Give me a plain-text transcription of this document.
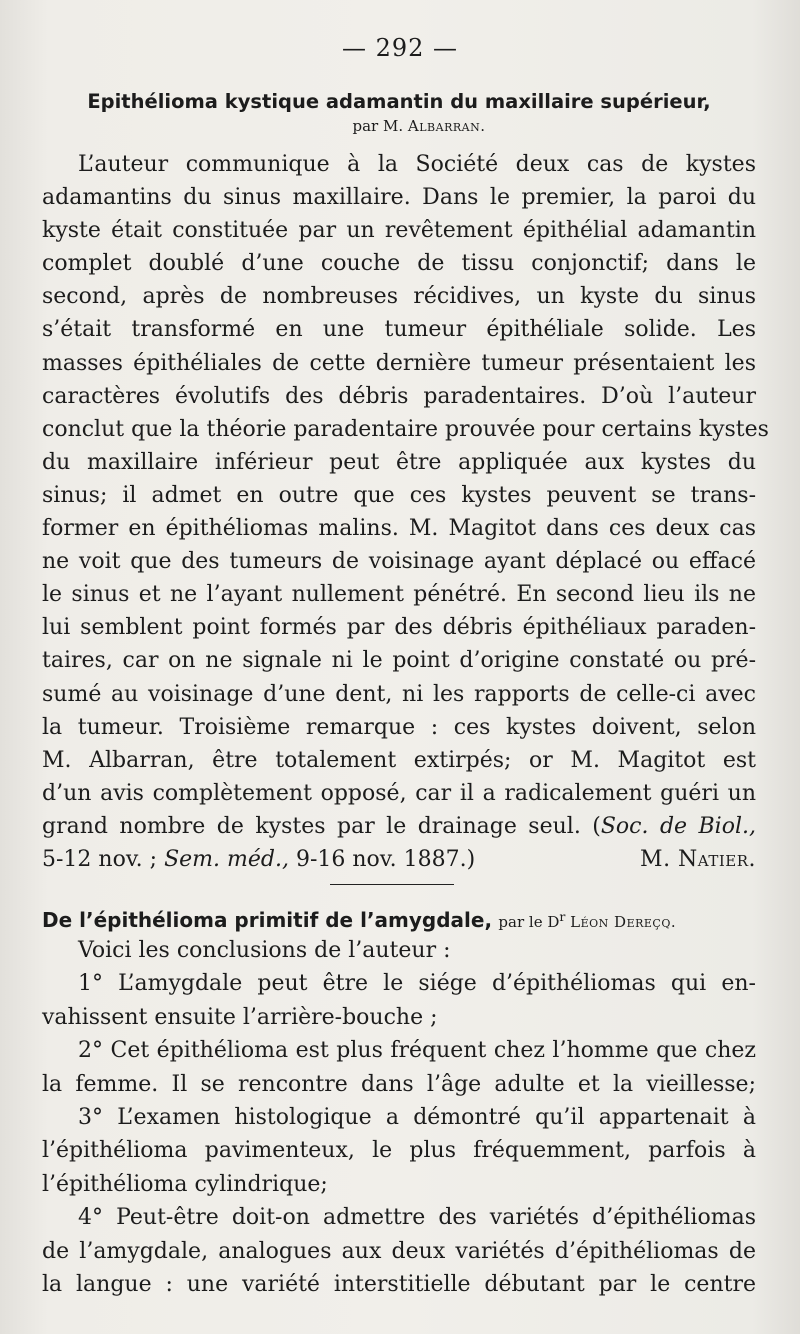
— 292 —
Epithélioma kystique adamantin du maxillaire supérieur,
par M. Albarran.
L’auteur communique à la Société deux cas de kystes
adamantins du sinus maxillaire. Dans le premier, la paroi du
kyste était constituée par un revêtement épithélial adamantin
complet doublé d’une couche de tissu conjonctif; dans le
second, après de nombreuses récidives, un kyste du sinus
s’était transformé en une tumeur épithéliale solide. Les
masses épithéliales de cette dernière tumeur présentaient les
caractères évolutifs des débris paradentaires. D’où l’auteur
conclut que la théorie paradentaire prouvée pour certains kystes
du maxillaire inférieur peut être appliquée aux kystes du
sinus; il admet en outre que ces kystes peuvent se trans-
former en épithéliomas malins. M. Magitot dans ces deux cas
ne voit que des tumeurs de voisinage ayant déplacé ou effacé
le sinus et ne l’ayant nullement pénétré. En second lieu ils ne
lui semblent point formés par des débris épithéliaux paraden-
taires, car on ne signale ni le point d’origine constaté ou pré-
sumé au voisinage d’une dent, ni les rapports de celle-ci avec
la tumeur. Troisième remarque : ces kystes doivent, selon
M. Albarran, être totalement extirpés; or M. Magitot est
d’un avis complètement opposé, car il a radicalement guéri un
grand nombre de kystes par le drainage seul. (Soc. de Biol.,
5-12 nov. ; Sem. méd., 9-16 nov. 1887.)	M. Natier.
De l’épithélioma primitif de l’amygdale, par le $D^r$ Léon Dereçq.
Voici les conclusions de l’auteur :
1° L’amygdale peut être le siége d’épithéliomas qui en-
vahissent ensuite l’arrière-bouche ;
2° Cet épithélioma est plus fréquent chez l’homme que chez
la femme. Il se rencontre dans l’âge adulte et la vieillesse;
3° L’examen histologique a démontré qu’il appartenait à
l’épithélioma pavimenteux, le plus fréquemment, parfois à
l’épithélioma cylindrique;
4° Peut-être doit-on admettre des variétés d’épithéliomas
de l’amygdale, analogues aux deux variétés d’épithéliomas de
la langue : une variété interstitielle débutant par le centre
